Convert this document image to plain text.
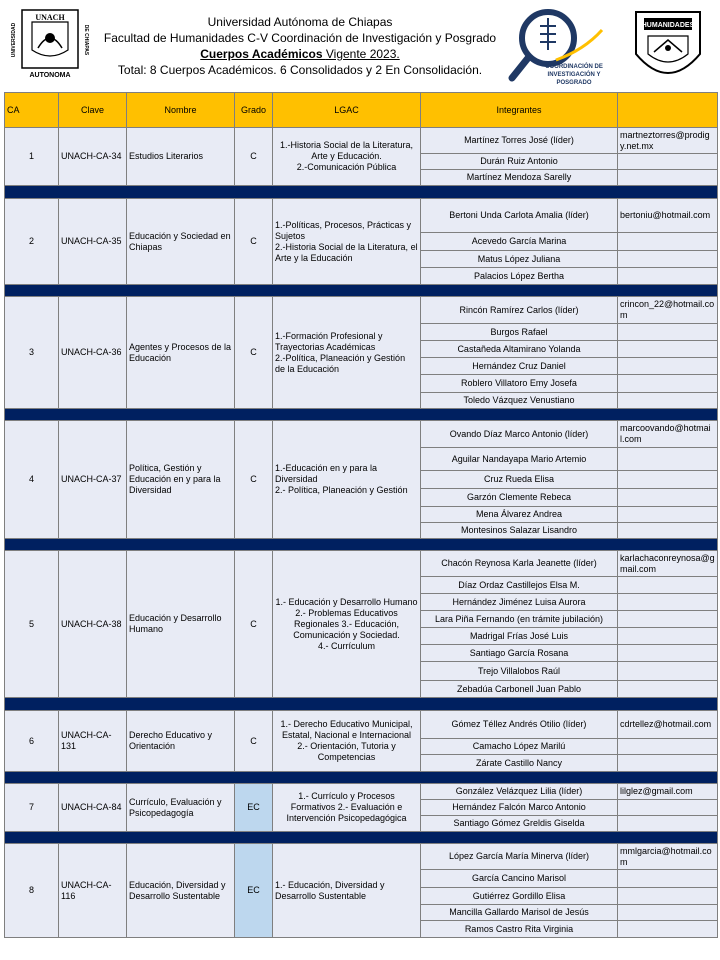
UNACH
UNIVERSIDAD	DE CHIAPAS
AUTONOMA
Universidad Autónoma de Chiapas
Facultad de Humanidades C-V Coordinación de Investigación y Posgrado
Cuerpos Académicos Vigente 2023.
Total: 8 Cuerpos Académicos. 6 Consolidados y 2 En Consolidación.	COORDINACIÓN DE
INVESTIGACIÓN Y
POSGRADO
HUMANIDADES
CA	Clave	Nombre	Grado	LGAC	Integrantes	
1	UNACH-CA-34	Estudios Literarios	C	1.-Historia Social de la Literatura, Arte y Educación.
2.-Comunicación Pública	Martínez Torres José (líder)	martneztorres@prodigy.net.mx
					Durán Ruiz Antonio	
					Martínez Mendoza Sarelly	

2	UNACH-CA-35	Educación y Sociedad en Chiapas	C	1.-Políticas, Procesos, Prácticas y
Sujetos
2.-Historia Social de la Literatura, el Arte y la Educación	Bertoni Unda Carlota Amalia (líder)	bertoniu@hotmail.com
					Acevedo García Marina	
					Matus López Juliana	
					Palacios López Bertha	

3	UNACH-CA-36	Agentes y Procesos de la Educación	C	1.-Formación Profesional y Trayectorias Académicas
2.-Política, Planeación y Gestión
de la Educación	Rincón Ramírez Carlos (líder)	crincon_22@hotmail.com
					Burgos Rafael	
					Castañeda Altamirano Yolanda	
					Hernández Cruz Daniel	
					Roblero Villatoro Emy Josefa	
					Toledo Vázquez Venustiano	

4	UNACH-CA-37	Política, Gestión y Educación en y para la Diversidad	C	1.-Educación en y para la Diversidad
2.- Política, Planeación y Gestión	Ovando Díaz Marco Antonio (líder)	marcoovando@hotmail.com
					Aguilar Nandayapa Mario Artemio	
					Cruz Rueda Elisa	
					Garzón Clemente Rebeca	
					Mena Álvarez Andrea	
					Montesinos Salazar Lisandro	

5	UNACH-CA-38	Educación y Desarrollo Humano	C	1.- Educación y Desarrollo Humano 2.- Problemas Educativos Regionales 3.- Educación, Comunicación y Sociedad.
4.- Currículum	Chacón Reynosa Karla Jeanette (líder)	karlachaconreynosa@gmail.com
					Díaz Ordaz Castillejos Elsa M.	
					Hernández Jiménez Luisa Aurora	
					Lara Piña Fernando (en trámite jubilación)	
					Madrigal Frías José Luis	
					Santiago García Rosana	
					Trejo Villalobos Raúl	
					Zebadúa Carbonell Juan Pablo	

6	UNACH-CA-131	Derecho Educativo y Orientación	C	1.- Derecho Educativo Municipal, Estatal, Nacional e Internacional
2.- Orientación, Tutoria y Competencias	Gómez Téllez Andrés Otilio (líder)	cdrtellez@hotmail.com
					Camacho López Marilú	
					Zárate Castillo Nancy	

7	UNACH-CA-84	Currículo, Evaluación y Psicopedagogía	EC	1.- Currículo y Procesos Formativos 2.- Evaluación e Intervención Psicopedagógica	González Velázquez Lilia (líder)	lilglez@gmail.com
					Hernández Falcón Marco Antonio	
					Santiago Gómez Greldis Giselda	

8	UNACH-CA-116	Educación, Diversidad y Desarrollo Sustentable	EC	1.- Educación, Diversidad y Desarrollo Sustentable	López García María Minerva (líder)	mmlgarcia@hotmail.com
					García Cancino Marisol	
					Gutiérrez Gordillo Elisa	
					Mancilla Gallardo Marisol de Jesús	
					Ramos Castro Rita Virginia	
